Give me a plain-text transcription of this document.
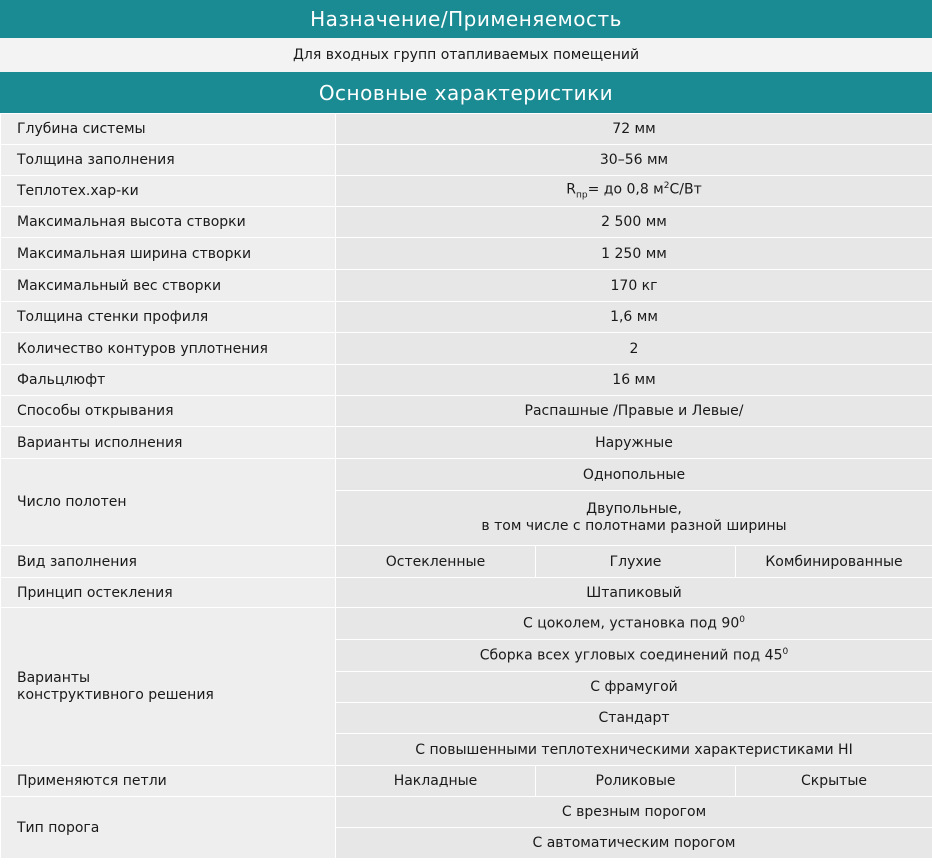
Назначение/Применяемость
Для входных групп отапливаемых помещений
Основные характеристики
Глубина системы	72 мм		
Толщина заполнения	30–56 мм		
Теплотех.хар-ки	$R_{пр}=$ до 0,8 $м^2С/Вт$		
Максимальная высота створки	2 500 мм		
Максимальная ширина створки	1 250 мм		
Максимальный вес створки	170 кг		
Толщина стенки профиля	1,6 мм		
Количество контуров уплотнения	2		
Фальцлюфт	16 мм		
Способы открывания	Распашные /Правые и Левые/		
Варианты исполнения	Наружные		
Число полотен	Однопольные		
	Двупольные,
в том числе с полотнами разной ширины		
Вид заполнения	Остекленные	Глухие	Комбинированные
Принцип остекления	Штапиковый		
Варианты
конструктивного решения	С цоколем, установка под $90^0$
	Сборка всех угловых соединений под $45^0$
	С фрамугой		
	Стандарт		
	С повышенными теплотехническими характеристиками HI		
Применяются петли	Накладные	Роликовые	Скрытые
Тип порога	С врезным порогом		
	С автоматическим порогом		
